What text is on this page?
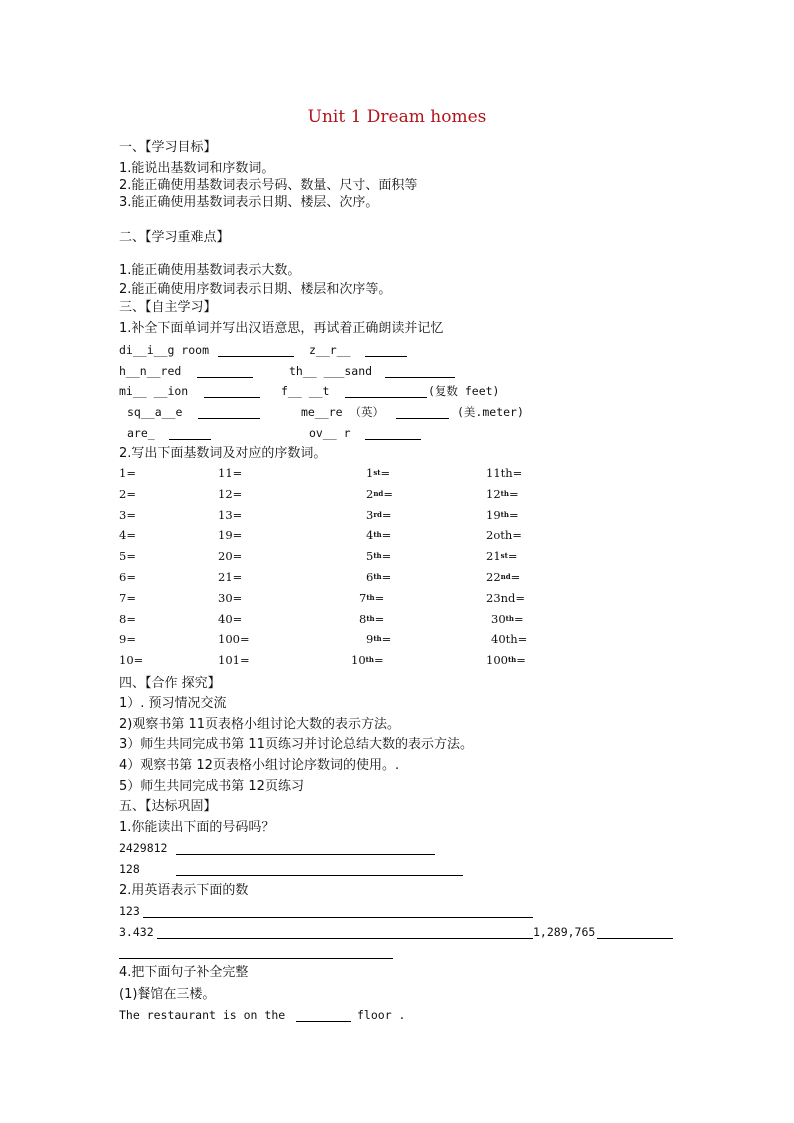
Unit 1 Dream homes
一、【学习目标】
1.能说出基数词和序数词。
2.能正确使用基数词表示号码、数量、尺寸、面积等
3.能正确使用基数词表示日期、楼层、次序。
二、【学习重难点】
1.能正确使用基数词表示大数。
2.能正确使用序数词表示日期、楼层和次序等。
三、【自主学习】
1.补全下面单词并写出汉语意思，再试着正确朗读并记忆
di__i__g room	z__r__
h__n__red	th__ ___sand
mi__ __ion	f__ __t	(复数 feet)
sq__a__e	me__re （英）	(美.meter)
are_	ov__ r
2.写出下面基数词及对应的序数词。
1=	11=	1st=	11th=
2=	12=	2nd=	12th=
3=	13=	3rd=	19th=
4=	19=	4th=	2oth=
5=	20=	5th=	21st=
6=	21=	6th=	22nd=
7=	30=	7th=	23nd=
8=	40=	8th=	30th=
9=	100=	9th=	40th=
10=	101=	10th=	100th=
四、【合作 探究】
1）. 预习情况交流
2)观察书第 11页表格小组讨论大数的表示方法。
3）师生共同完成书第 11页练习并讨论总结大数的表示方法。
4）观察书第 12页表格小组讨论序数词的使用。.
5）师生共同完成书第 12页练习
五、【达标巩固】
1.你能读出下面的号码吗？
2429812
128
2.用英语表示下面的数
123
3.432	1,289,765
4.把下面句子补全完整
(1)餐馆在三楼。
The restaurant is on the	floor .
